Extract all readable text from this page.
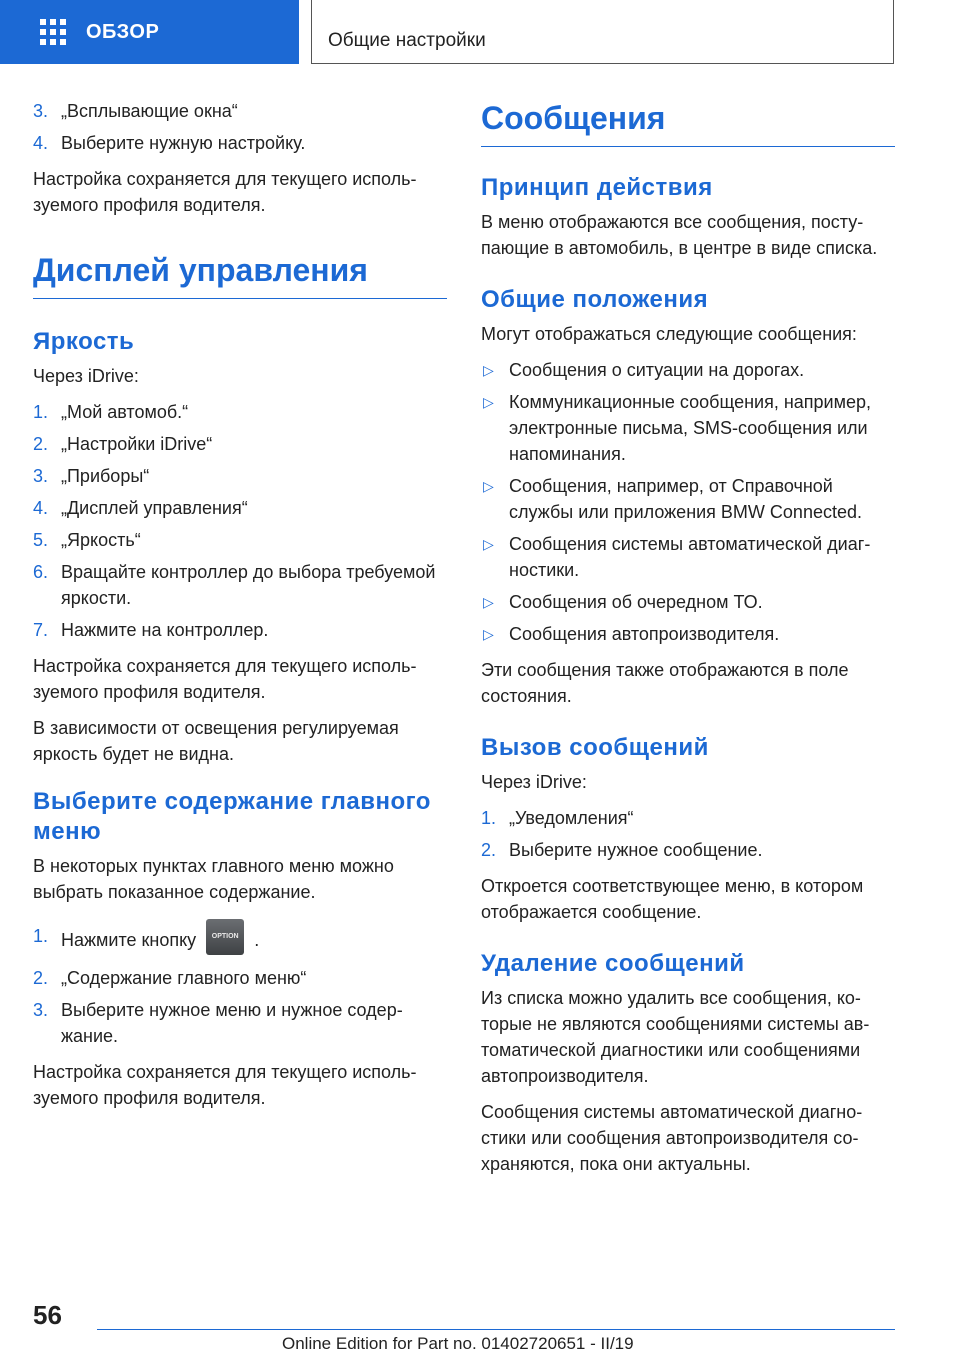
ОБЗОР	Общие настройки
3. „Всплывающие окна“
4. Выберите нужную настройку.

Настройка сохраняется для текущего используемого профиля водителя.

Дисплей управления
Яркость

Через iDrive:

1. „Мой автомоб.“
2. „Настройки iDrive“
3. „Приборы“
4. „Дисплей управления“
5. „Яркость“
6. Вращайте контроллер до выбора требуемой яркости.
7. Нажмите на контроллер.

Настройка сохраняется для текущего используемого профиля водителя.

В зависимости от освещения регулируемая яркость будет не видна.

Выберите содержание главного меню

В некоторых пунктах главного меню можно выбрать показанное содержание.

1. Нажмите кнопку OPTION .
2. „Содержание главного меню“
3. Выберите нужное меню и нужное содержание.

Настройка сохраняется для текущего используемого профиля водителя.

Сообщения
Принцип действия

В меню отображаются все сообщения, поступающие в автомобиль, в центре в виде списка.

Общие положения

Могут отображаться следующие сообщения:

▷ Сообщения о ситуации на дорогах.
▷ Коммуникационные сообщения, например, электронные письма, SMS-сообщения или напоминания.
▷ Сообщения, например, от Справочной службы или приложения BMW Connected.
▷ Сообщения системы автоматической диагностики.
▷ Сообщения об очередном ТО.
▷ Сообщения автопроизводителя.

Эти сообщения также отображаются в поле состояния.

Вызов сообщений

Через iDrive:

1. „Уведомления“
2. Выберите нужное сообщение.

Откроется соответствующее меню, в котором отображается сообщение.

Удаление сообщений

Из списка можно удалить все сообщения, которые не являются сообщениями системы автоматической диагностики или сообщениями автопроизводителя.

Сообщения системы автоматической диагностики или сообщения автопроизводителя сохраняются, пока они актуальны.

56
Online Edition for Part no. 01402720651 - II/19
